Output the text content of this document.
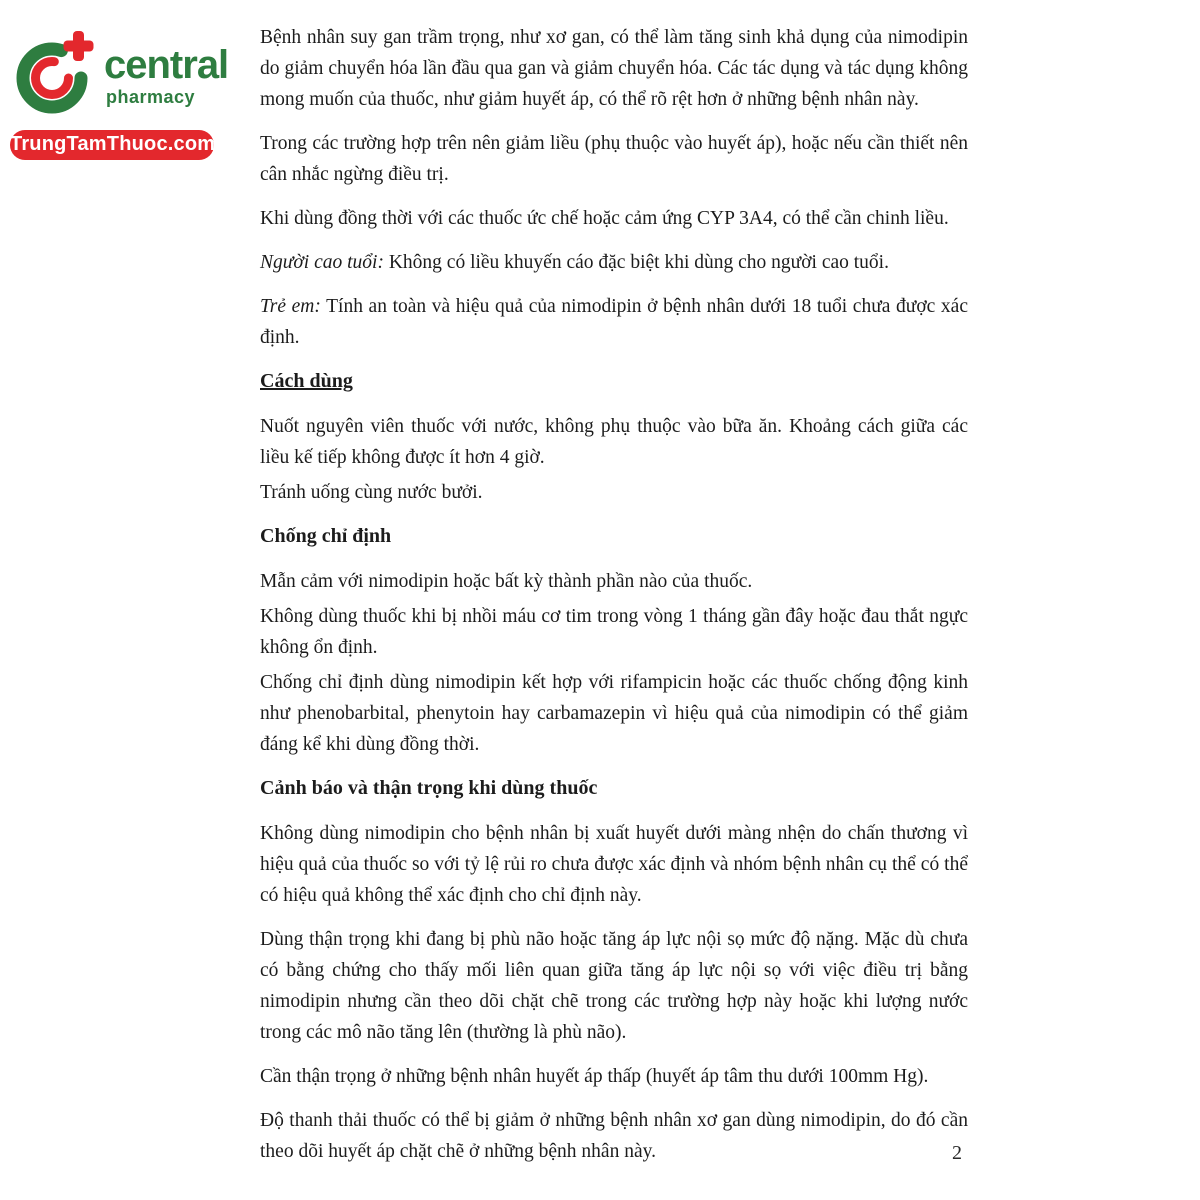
central
pharmacy
TrungTamThuoc.com

Bệnh nhân suy gan trầm trọng, như xơ gan, có thể làm tăng sinh khả dụng của nimodipin do giảm chuyển hóa lần đầu qua gan và giảm chuyển hóa. Các tác dụng và tác dụng không mong muốn của thuốc, như giảm huyết áp, có thể rõ rệt hơn ở những bệnh nhân này.

Trong các trường hợp trên nên giảm liều (phụ thuộc vào huyết áp), hoặc nếu cần thiết nên cân nhắc ngừng điều trị.

Khi dùng đồng thời với các thuốc ức chế hoặc cảm ứng CYP 3A4, có thể cần chinh liều.

Người cao tuổi: Không có liều khuyến cáo đặc biệt khi dùng cho người cao tuổi.

Trẻ em: Tính an toàn và hiệu quả của nimodipin ở bệnh nhân dưới 18 tuổi chưa được xác định.

Cách dùng

Nuốt nguyên viên thuốc với nước, không phụ thuộc vào bữa ăn. Khoảng cách giữa các liều kế tiếp không được ít hơn 4 giờ.

Tránh uống cùng nước bưởi.

Chống chỉ định

Mẫn cảm với nimodipin hoặc bất kỳ thành phần nào của thuốc.

Không dùng thuốc khi bị nhồi máu cơ tim trong vòng 1 tháng gần đây hoặc đau thắt ngực không ổn định.

Chống chỉ định dùng nimodipin kết hợp với rifampicin hoặc các thuốc chống động kinh như phenobarbital, phenytoin hay carbamazepin vì hiệu quả của nimodipin có thể giảm đáng kể khi dùng đồng thời.

Cảnh báo và thận trọng khi dùng thuốc

Không dùng nimodipin cho bệnh nhân bị xuất huyết dưới màng nhện do chấn thương vì hiệu quả của thuốc so với tỷ lệ rủi ro chưa được xác định và nhóm bệnh nhân cụ thể có thể có hiệu quả không thể xác định cho chỉ định này.

Dùng thận trọng khi đang bị phù não hoặc tăng áp lực nội sọ mức độ nặng. Mặc dù chưa có bằng chứng cho thấy mối liên quan giữa tăng áp lực nội sọ với việc điều trị bằng nimodipin nhưng cần theo dõi chặt chẽ trong các trường hợp này hoặc khi lượng nước trong các mô não tăng lên (thường là phù não).

Cần thận trọng ở những bệnh nhân huyết áp thấp (huyết áp tâm thu dưới 100mm Hg).

Độ thanh thải thuốc có thể bị giảm ở những bệnh nhân xơ gan dùng nimodipin, do đó cần theo dõi huyết áp chặt chẽ ở những bệnh nhân này.	2
